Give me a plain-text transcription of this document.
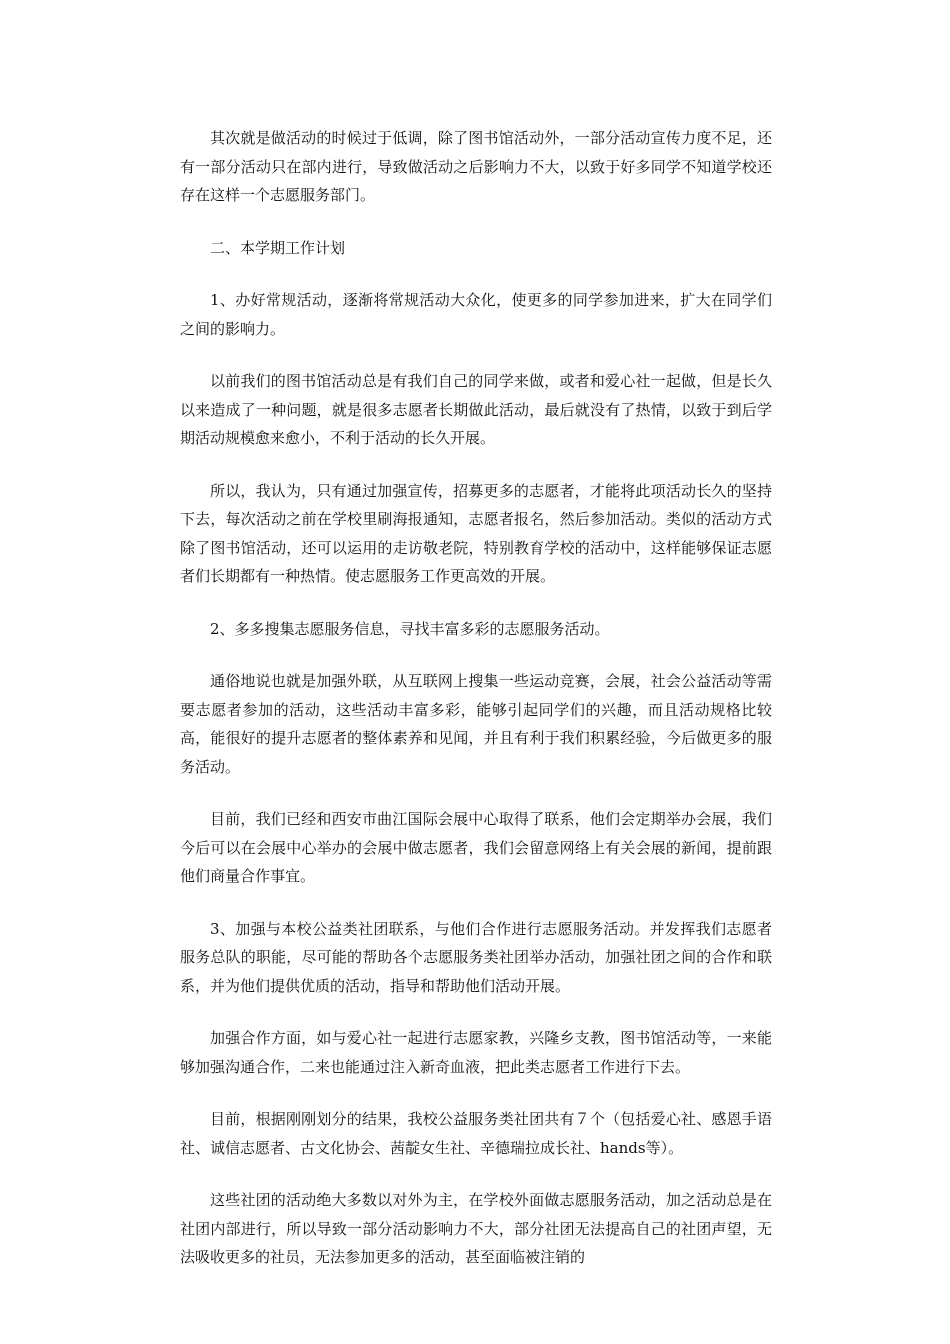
其次就是做活动的时候过于低调，除了图书馆活动外，一部分活动宣传力度不足，还有一部分活动只在部内进行，导致做活动之后影响力不大，以致于好多同学不知道学校还存在这样一个志愿服务部门。

二、本学期工作计划

1、办好常规活动，逐渐将常规活动大众化，使更多的同学参加进来，扩大在同学们之间的影响力。

以前我们的图书馆活动总是有我们自己的同学来做，或者和爱心社一起做，但是长久以来造成了一种问题，就是很多志愿者长期做此活动，最后就没有了热情，以致于到后学期活动规模愈来愈小，不利于活动的长久开展。

所以，我认为，只有通过加强宣传，招募更多的志愿者，才能将此项活动长久的坚持下去，每次活动之前在学校里刷海报通知，志愿者报名，然后参加活动。类似的活动方式除了图书馆活动，还可以运用的走访敬老院，特别教育学校的活动中，这样能够保证志愿者们长期都有一种热情。使志愿服务工作更高效的开展。

2、多多搜集志愿服务信息，寻找丰富多彩的志愿服务活动。

通俗地说也就是加强外联，从互联网上搜集一些运动竞赛，会展，社会公益活动等需要志愿者参加的活动，这些活动丰富多彩，能够引起同学们的兴趣，而且活动规格比较高，能很好的提升志愿者的整体素养和见闻，并且有利于我们积累经验，今后做更多的服务活动。

目前，我们已经和西安市曲江国际会展中心取得了联系，他们会定期举办会展，我们今后可以在会展中心举办的会展中做志愿者，我们会留意网络上有关会展的新闻，提前跟他们商量合作事宜。

3、加强与本校公益类社团联系，与他们合作进行志愿服务活动。并发挥我们志愿者服务总队的职能，尽可能的帮助各个志愿服务类社团举办活动，加强社团之间的合作和联系，并为他们提供优质的活动，指导和帮助他们活动开展。

加强合作方面，如与爱心社一起进行志愿家教，兴隆乡支教，图书馆活动等，一来能够加强沟通合作，二来也能通过注入新奇血液，把此类志愿者工作进行下去。

目前，根据刚刚划分的结果，我校公益服务类社团共有７个（包括爱心社、感恩手语社、诚信志愿者、古文化协会、茜靛女生社、辛德瑞拉成长社、hands等）。

这些社团的活动绝大多数以对外为主，在学校外面做志愿服务活动，加之活动总是在社团内部进行，所以导致一部分活动影响力不大，部分社团无法提高自己的社团声望，无法吸收更多的社员，无法参加更多的活动，甚至面临被注销的
